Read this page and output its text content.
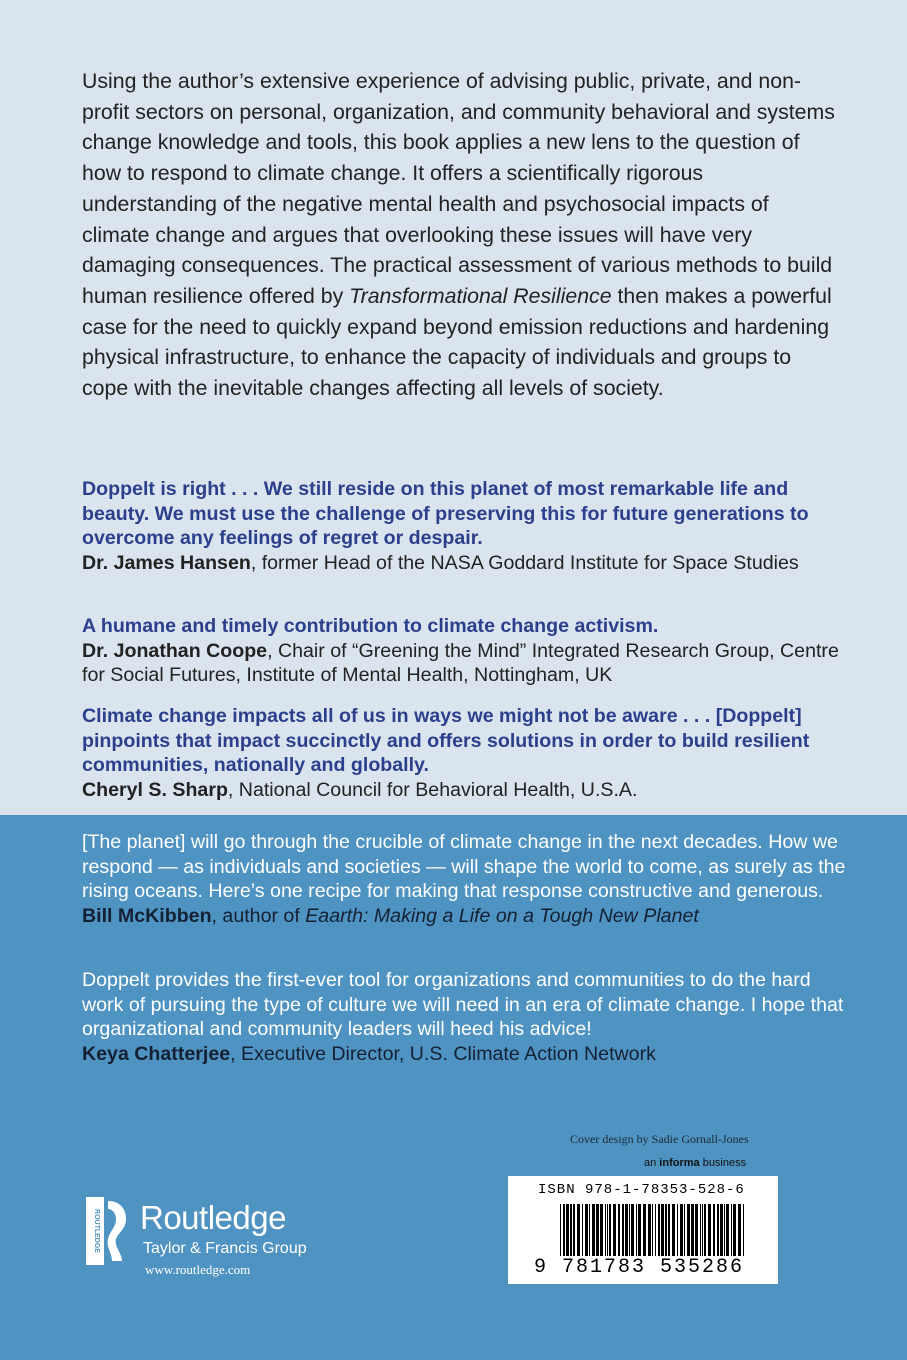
Using the author’s extensive experience of advising public, private, and non-profit sectors on personal, organization, and community behavioral and systems change knowledge and tools, this book applies a new lens to the question of how to respond to climate change. It offers a scientifically rigorous understanding of the negative mental health and psychosocial impacts of climate change and argues that overlooking these issues will have very damaging consequences. The practical assessment of various methods to build human resilience offered by Transformational Resilience then makes a powerful case for the need to quickly expand beyond emission reductions and hardening physical infrastructure, to enhance the capacity of individuals and groups to cope with the inevitable changes affecting all levels of society.
Doppelt is right . . . We still reside on this planet of most remarkable life and beauty. We must use the challenge of preserving this for future generations to overcome any feelings of regret or despair.
Dr. James Hansen, former Head of the NASA Goddard Institute for Space Studies
A humane and timely contribution to climate change activism.
Dr. Jonathan Coope, Chair of “Greening the Mind” Integrated Research Group, Centre for Social Futures, Institute of Mental Health, Nottingham, UK
Climate change impacts all of us in ways we might not be aware . . . [Doppelt] pinpoints that impact succinctly and offers solutions in order to build resilient communities, nationally and globally.
Cheryl S. Sharp, National Council for Behavioral Health, U.S.A.
[The planet] will go through the crucible of climate change in the next decades. How we respond — as individuals and societies — will shape the world to come, as surely as the rising oceans. Here’s one recipe for making that response constructive and generous.
Bill McKibben, author of Eaarth: Making a Life on a Tough New Planet
Doppelt provides the first-ever tool for organizations and communities to do the hard work of pursuing the type of culture we will need in an era of climate change. I hope that organizational and community leaders will heed his advice!
Keya Chatterjee, Executive Director, U.S. Climate Action Network
Cover design by Sadie Gornall-Jones
an informa business
ROUTLEDGE Routledge
Taylor & Francis Group
www.routledge.com
ISBN 978-1-78353-528-6
9 781783 535286
